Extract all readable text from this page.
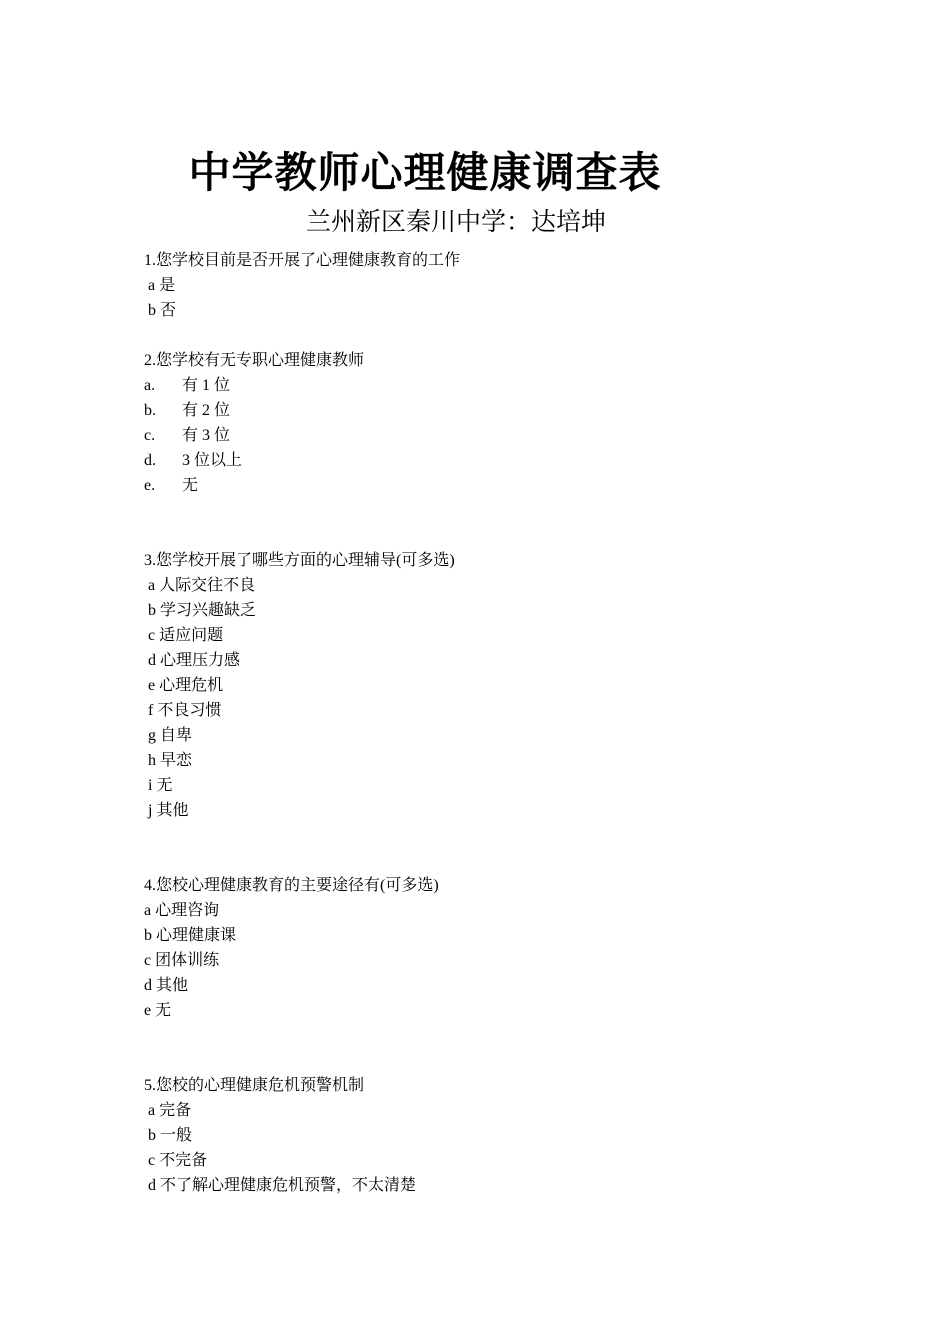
中学教师心理健康调查表
兰州新区秦川中学：达培坤
1.您学校目前是否开展了心理健康教育的工作
a 是
b 否
2.您学校有无专职心理健康教师
a.	有 1 位
b.	有 2 位
c.	有 3 位
d.	3 位以上
e.	无
3.您学校开展了哪些方面的心理辅导(可多选)
a 人际交往不良
b 学习兴趣缺乏
c 适应问题
d 心理压力感
e 心理危机
f 不良习惯
g 自卑
h 早恋
i 无
j 其他
4.您校心理健康教育的主要途径有(可多选)
a 心理咨询
b 心理健康课
c 团体训练
d 其他
e 无
5.您校的心理健康危机预警机制
a 完备
b 一般
c 不完备
d 不了解心理健康危机预警，不太清楚
